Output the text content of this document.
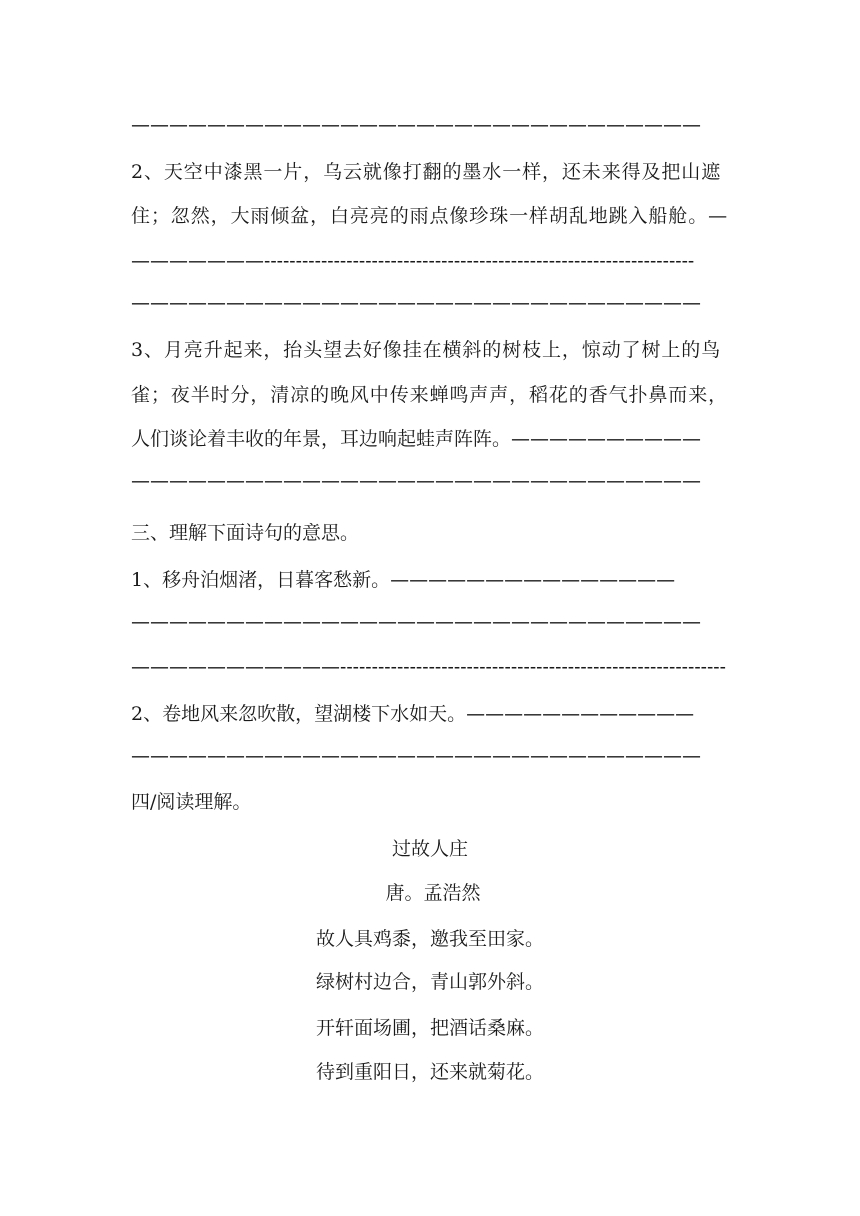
——————————————————————————————
2、天空中漆黑一片，乌云就像打翻的墨水一样，还未来得及把山遮
住；忽然，大雨倾盆，白亮亮的雨点像珍珠一样胡乱地跳入船舱。—
———————--------------------------------------------------------------------
——————————————————————————————
3、月亮升起来，抬头望去好像挂在横斜的树枝上，惊动了树上的鸟
雀；夜半时分，清凉的晚风中传来蝉鸣声声，稻花的香气扑鼻而来，
人们谈论着丰收的年景，耳边响起蛙声阵阵。——————————
——————————————————————————————
三、理解下面诗句的意思。
1、移舟泊烟渚，日暮客愁新。———————————————
——————————————————————————————
———————————-------------------------------------------------------------
2、卷地风来忽吹散，望湖楼下水如天。————————————
——————————————————————————————
四/阅读理解。
过故人庄
唐。孟浩然
故人具鸡黍，邀我至田家。
绿树村边合，青山郭外斜。
开轩面场圃，把酒话桑麻。
待到重阳日，还来就菊花。
